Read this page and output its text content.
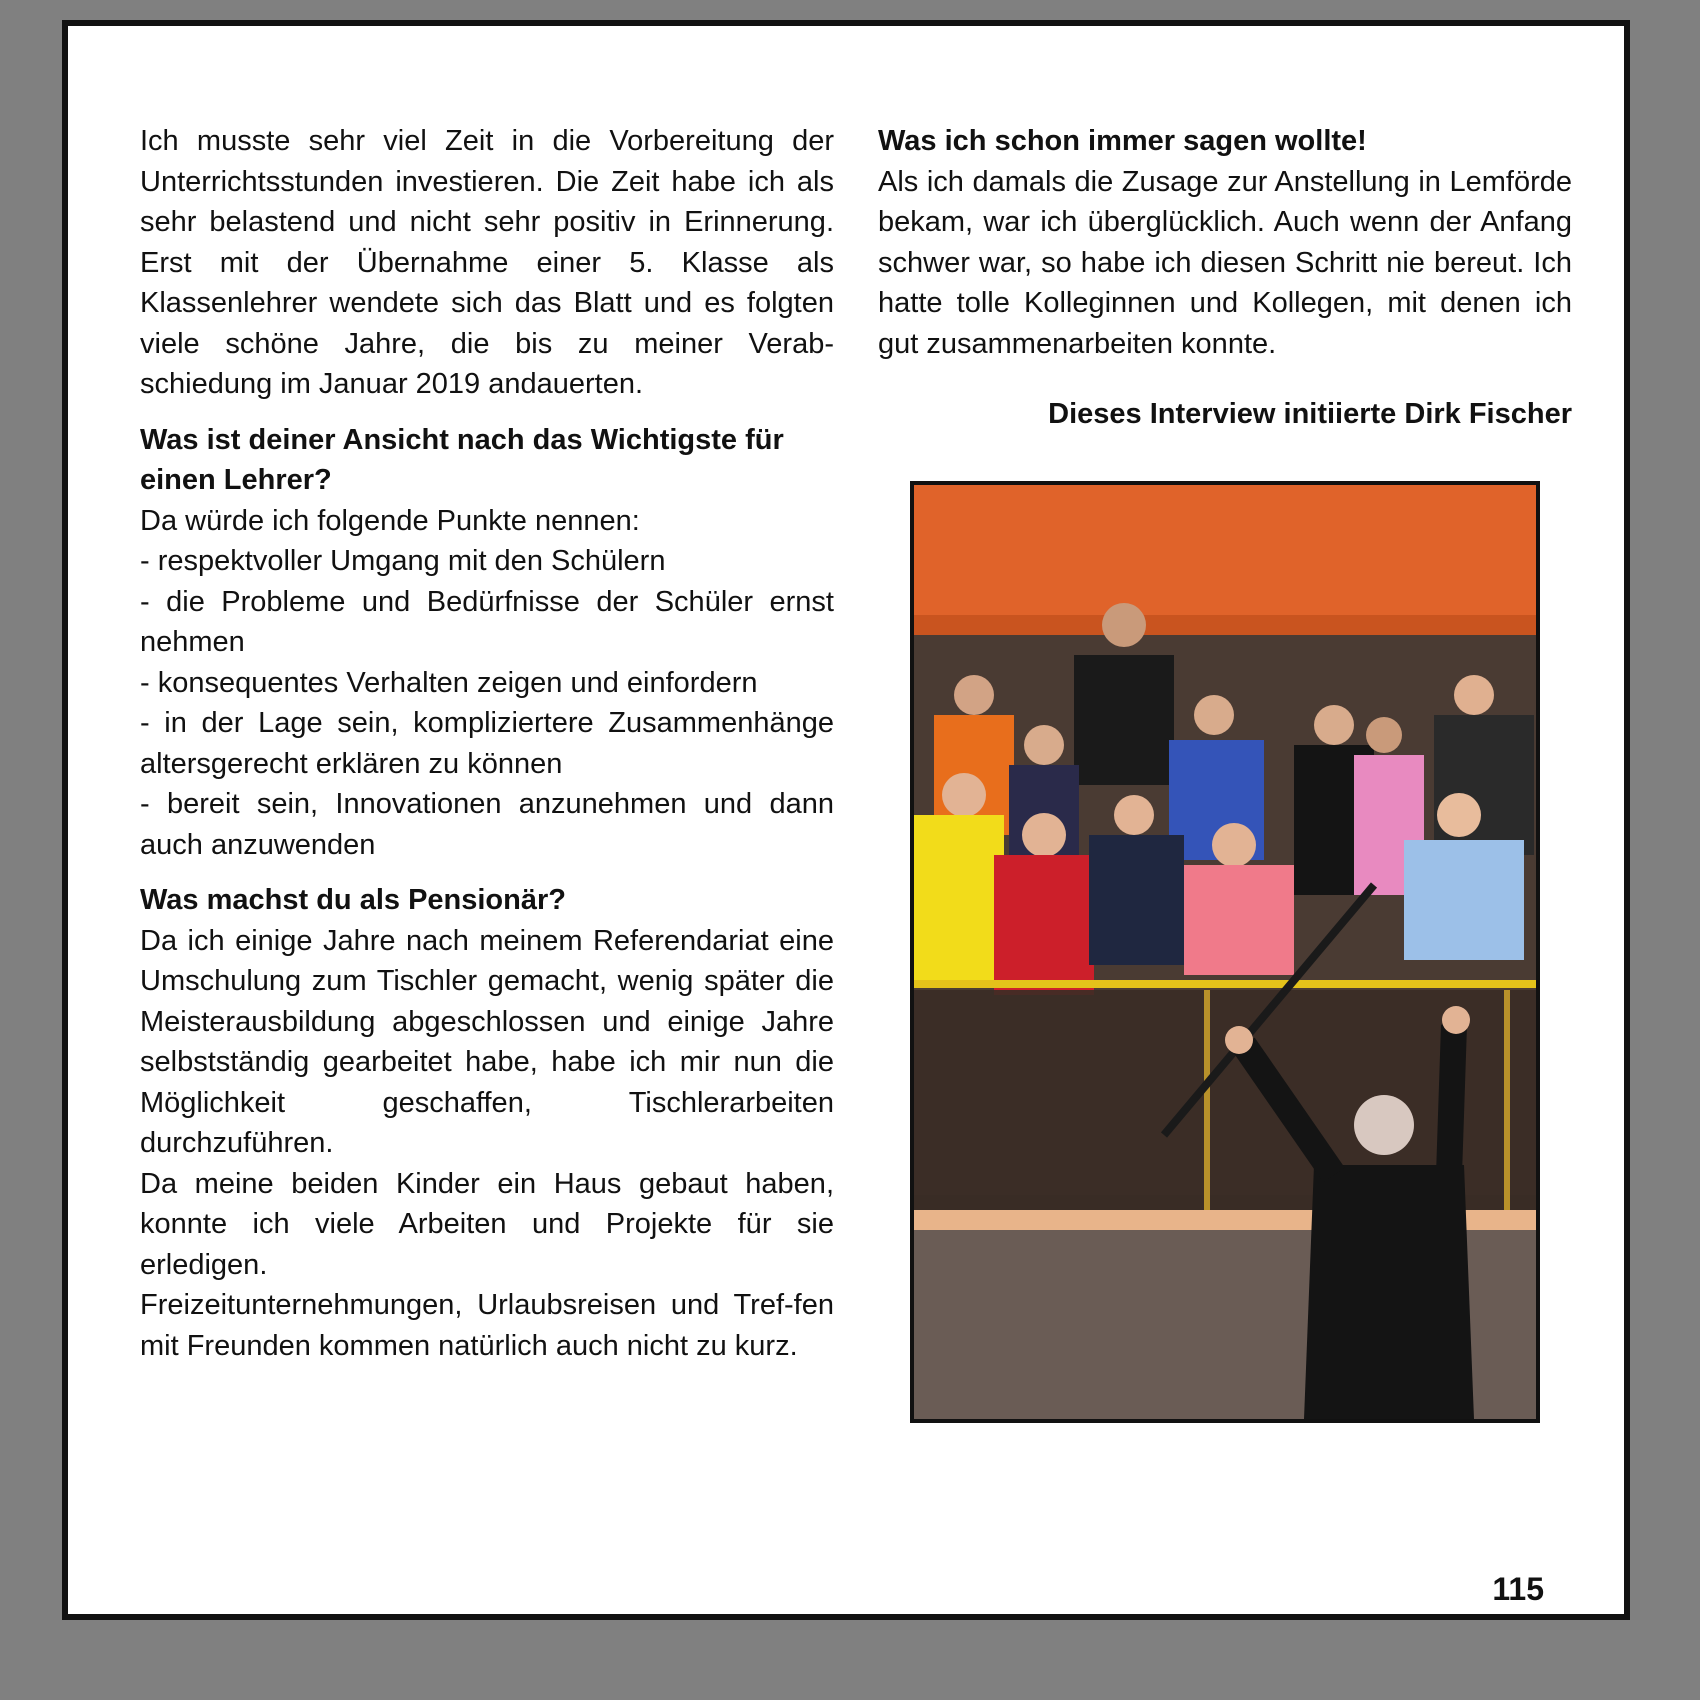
Ich musste sehr viel Zeit in die Vorbereitung der Unterrichtsstunden investieren. Die Zeit habe ich als sehr belastend und nicht sehr positiv in Erinnerung. Erst mit der Übernahme einer 5. Klasse als Klassenlehrer wendete sich das Blatt und es folgten viele schöne Jahre, die bis zu meiner Verab-schiedung im Januar 2019 andauerten.

Was ist deiner Ansicht nach das Wichtigste für einen Lehrer?

Da würde ich folgende Punkte nennen:

- respektvoller Umgang mit den Schülern

- die Probleme und Bedürfnisse der Schüler ernst nehmen

- konsequentes Verhalten zeigen und einfordern

- in der Lage sein, kompliziertere Zusammenhänge altersgerecht erklären zu können

- bereit sein, Innovationen anzunehmen und dann auch anzuwenden

Was machst du als Pensionär?

Da ich einige Jahre nach meinem Referendariat eine Umschulung zum Tischler gemacht, wenig später die Meisterausbildung abgeschlossen und einige Jahre selbstständig gearbeitet habe, habe ich mir nun die Möglichkeit geschaffen, Tischlerarbeiten durchzuführen.

Da meine beiden Kinder ein Haus gebaut haben, konnte ich viele Arbeiten und Projekte für sie erledigen.

Freizeitunternehmungen, Urlaubsreisen und Tref-fen mit Freunden kommen natürlich auch nicht zu kurz.

Was ich schon immer sagen wollte!

Als ich damals die Zusage zur Anstellung in Lemförde bekam, war ich überglücklich. Auch wenn der Anfang schwer war, so habe ich diesen Schritt nie bereut. Ich hatte tolle Kolleginnen und Kollegen, mit denen ich gut zusammenarbeiten konnte.

Dieses Interview initiierte Dirk Fischer

115
